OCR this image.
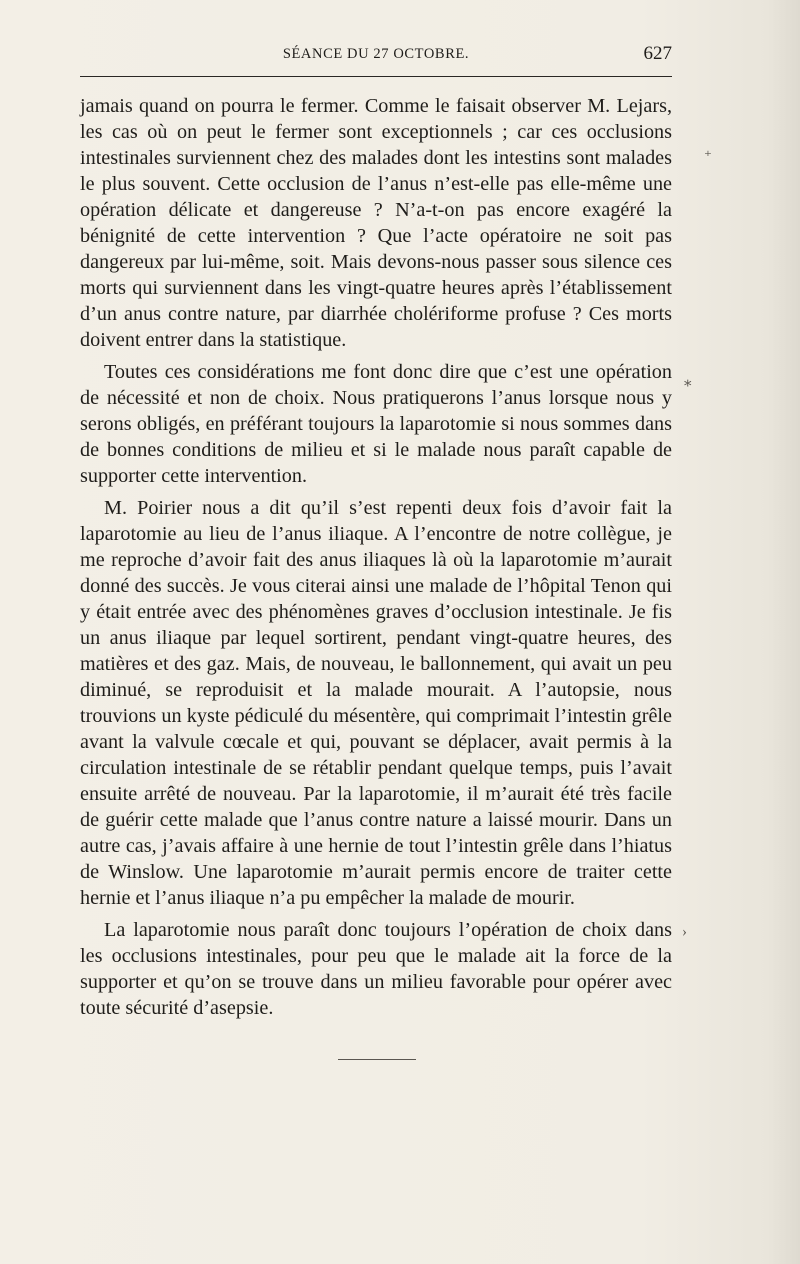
SÉANCE DU 27 OCTOBRE.	627

jamais quand on pourra le fermer. Comme le faisait observer M. Lejars, les cas où on peut le fermer sont exceptionnels ; car ces occlusions intestinales surviennent chez des malades dont les intestins sont malades le plus souvent. Cette occlusion de l’anus n’est-elle pas elle-même une opération délicate et dangereuse ? N’a-t-on pas encore exagéré la bénignité de cette intervention ? Que l’acte opératoire ne soit pas dangereux par lui-même, soit. Mais devons-nous passer sous silence ces morts qui surviennent dans les vingt-quatre heures après l’établissement d’un anus contre nature, par diarrhée cholériforme profuse ? Ces morts doivent entrer dans la statistique.

Toutes ces considérations me font donc dire que c’est une opération de nécessité et non de choix. Nous pratiquerons l’anus lorsque nous y serons obligés, en préférant toujours la laparotomie si nous sommes dans de bonnes conditions de milieu et si le malade nous paraît capable de supporter cette intervention.

M. Poirier nous a dit qu’il s’est repenti deux fois d’avoir fait la laparotomie au lieu de l’anus iliaque. A l’encontre de notre collègue, je me reproche d’avoir fait des anus iliaques là où la laparotomie m’aurait donné des succès. Je vous citerai ainsi une malade de l’hôpital Tenon qui y était entrée avec des phénomènes graves d’occlusion intestinale. Je fis un anus iliaque par lequel sortirent, pendant vingt-quatre heures, des matières et des gaz. Mais, de nouveau, le ballonnement, qui avait un peu diminué, se reproduisit et la malade mourait. A l’autopsie, nous trouvions un kyste pédiculé du mésentère, qui comprimait l’intestin grêle avant la valvule cœcale et qui, pouvant se déplacer, avait permis à la circulation intestinale de se rétablir pendant quelque temps, puis l’avait ensuite arrêté de nouveau. Par la laparotomie, il m’aurait été très facile de guérir cette malade que l’anus contre nature a laissé mourir. Dans un autre cas, j’avais affaire à une hernie de tout l’intestin grêle dans l’hiatus de Winslow. Une laparotomie m’aurait permis encore de traiter cette hernie et l’anus iliaque n’a pu empêcher la malade de mourir.

La laparotomie nous paraît donc toujours l’opération de choix dans les occlusions intestinales, pour peu que le malade ait la force de la supporter et qu’on se trouve dans un milieu favorable pour opérer avec toute sécurité d’asepsie.

⁺
⁎
›
